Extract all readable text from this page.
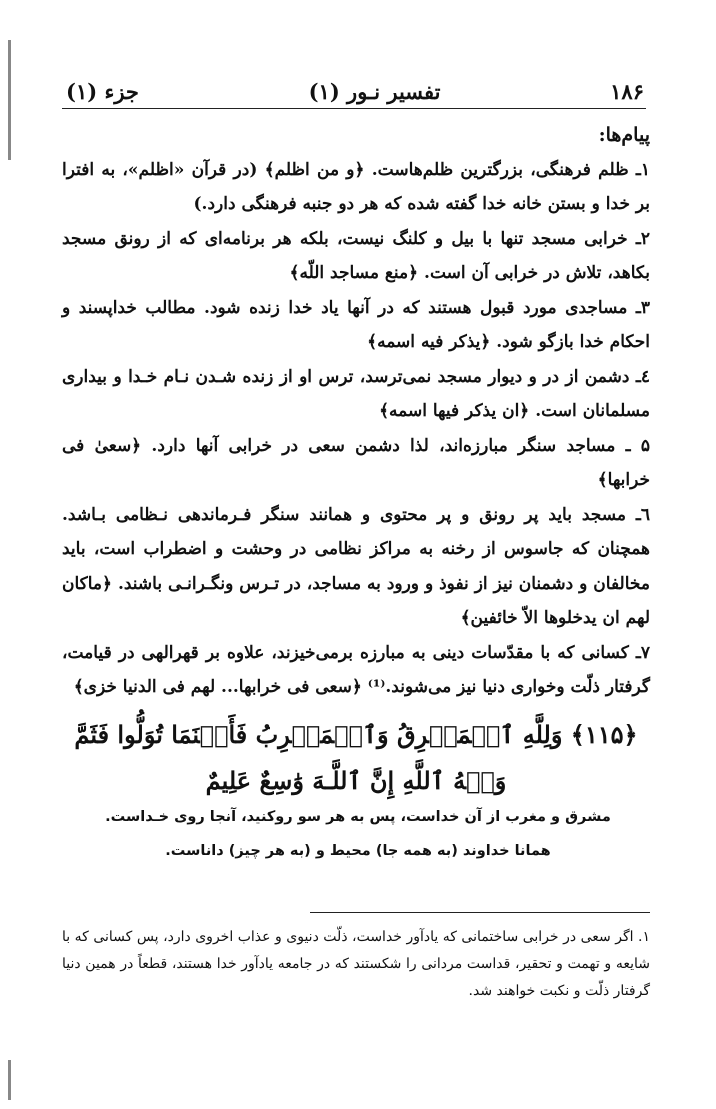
۱۸۶
تفسیر نـور (۱)
جزء (۱)

پیام‌ها:

۱ـ ظلم فرهنگی، بزرگترین ظلم‌هاست. ﴿و من اظلم﴾ (در قرآن «اظلم»، به افترا بر خدا و بستن خانه خدا گفته شده که هر دو جنبه فرهنگی دارد.)

۲ـ خرابی مسجد تنها با بیل و کلنگ نیست، بلکه هر برنامه‌ای که از رونق مسجد بکاهد، تلاش در خرابی آن است. ﴿منع مساجد اللّه﴾

۳ـ مساجدی مورد قبول هستند که در آنها یاد خدا زنده شود. مطالب خداپسند و احکام خدا بازگو شود. ﴿یذکر فیه اسمه﴾

٤ـ دشمن از در و دیوار مسجد نمی‌ترسد، ترس او از زنده شـدن نـام خـدا و بیداری مسلمانان است. ﴿ان یذکر فیها اسمه﴾

۵ ـ مساجد سنگر مبارزه‌اند، لذا دشمن سعی در خرابی آنها دارد. ﴿سعیٰ فی خرابها﴾

٦ـ مسجد باید پر رونق و پر محتوی و همانند سنگر فـرماندهی نـظامی بـاشد. همچنان که جاسوس از رخنه به مراکز نظامی در وحشت و اضطراب است، باید مخالفان و دشمنان نیز از نفوذ و ورود به مساجد، در تـرس ونگـرانـی باشند. ﴿ماکان لهم ان یدخلوها الاّ خائفین﴾

۷ـ کسانی که با مقدّسات دینی به مبارزه برمی‌خیزند، علاوه بر قهرالهی در قیامت، گرفتار ذلّت وخواری دنیا نیز می‌شوند.⁽¹⁾ ﴿سعی فی خرابها... لهم فی الدنیا خزی﴾

﴿۱۱۵﴾ وَلِلَّهِ ٱلۡمَشۡرِقُ وَٱلۡمَغۡرِبُ فَأَيۡنَمَا تُوَلُّوا فَثَمَّ وَجۡهُ ٱللَّهِ إِنَّ ٱللَّـهَ وَٰسِعٌ عَلِيمٌ
مشرق و مغرب از آن خداست، پس به هر سو روکنید، آنجا روی خـداست.
همانا خداوند (به همه جا) محیط و (به هر چیز) داناست.
۱. اگر سعی در خرابی ساختمانی که یادآور خداست، ذلّت دنیوی و عذاب اخروی دارد، پس کسانی که با شایعه و تهمت و تحقیر، قداست مردانی را شکستند که در جامعه یادآور خدا هستند، قطعاً در همین دنیا گرفتار ذلّت و نکبت خواهند شد.
